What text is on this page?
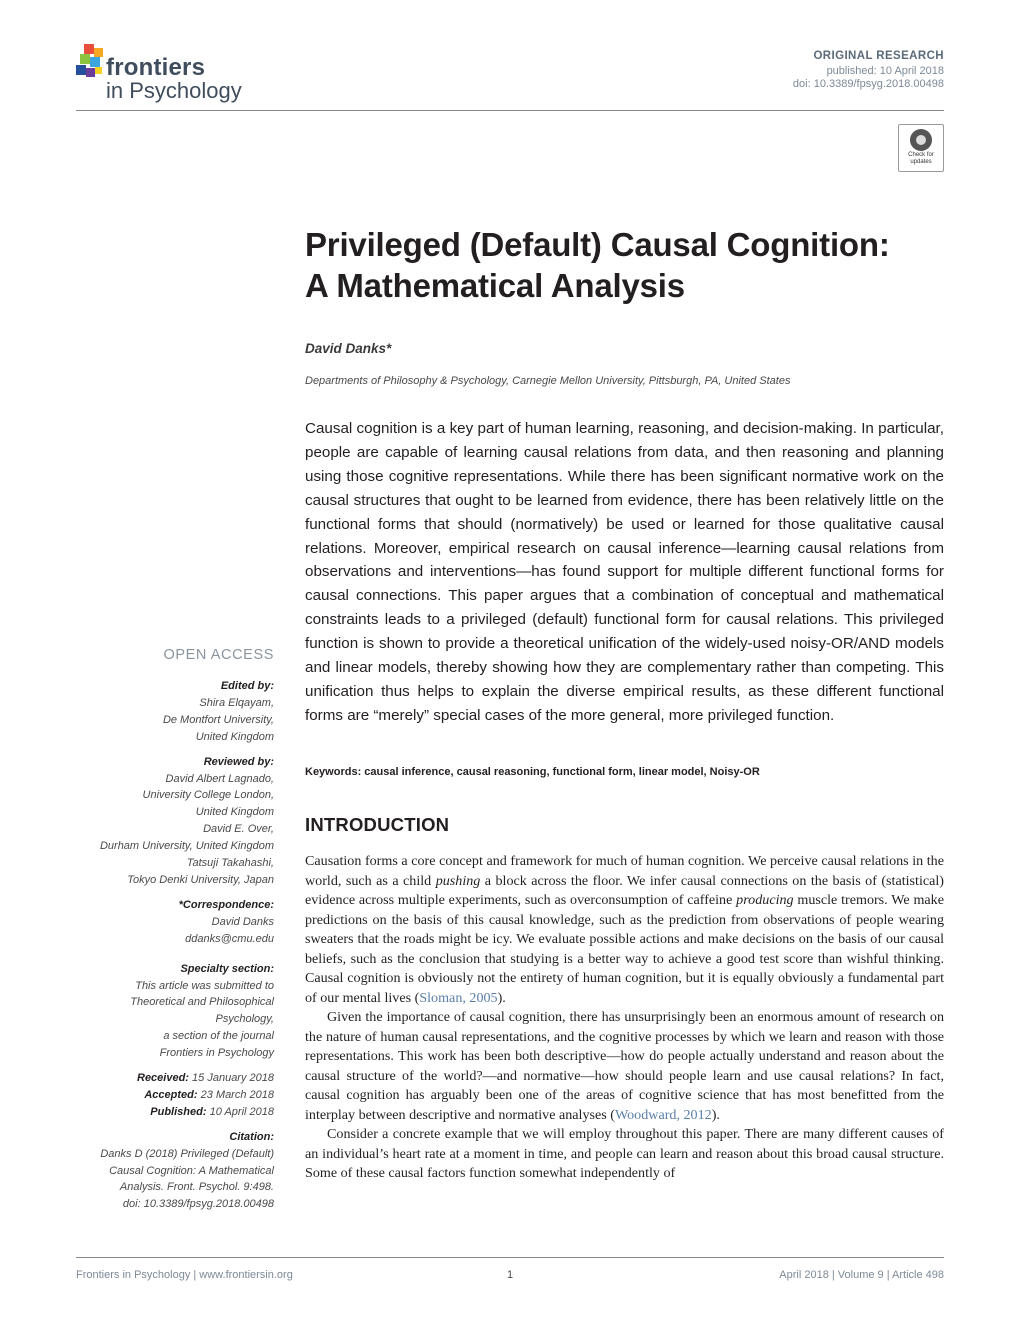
frontiers
in Psychology
ORIGINAL RESEARCH
published: 10 April 2018
doi: 10.3389/fpsyg.2018.00498
Check for
updates
Privileged (Default) Causal Cognition:
A Mathematical Analysis
David Danks*
Departments of Philosophy & Psychology, Carnegie Mellon University, Pittsburgh, PA, United States
Causal cognition is a key part of human learning, reasoning, and decision-making. In particular, people are capable of learning causal relations from data, and then reasoning and planning using those cognitive representations. While there has been significant normative work on the causal structures that ought to be learned from evidence, there has been relatively little on the functional forms that should (normatively) be used or learned for those qualitative causal relations. Moreover, empirical research on causal inference—learning causal relations from observations and interventions—has found support for multiple different functional forms for causal connections. This paper argues that a combination of conceptual and mathematical constraints leads to a privileged (default) functional form for causal relations. This privileged function is shown to provide a theoretical unification of the widely-used noisy-OR/AND models and linear models, thereby showing how they are complementary rather than competing. This unification thus helps to explain the diverse empirical results, as these different functional forms are “merely” special cases of the more general, more privileged function.
Keywords: causal inference, causal reasoning, functional form, linear model, Noisy-OR
OPEN ACCESS
Edited by:
Shira Elqayam,
De Montfort University,
United Kingdom
Reviewed by:
David Albert Lagnado,
University College London,
United Kingdom
David E. Over,
Durham University, United Kingdom
Tatsuji Takahashi,
Tokyo Denki University, Japan
*Correspondence:
David Danks
ddanks@cmu.edu
Specialty section:
This article was submitted to
Theoretical and Philosophical
Psychology,
a section of the journal
Frontiers in Psychology
Received: 15 January 2018
Accepted: 23 March 2018
Published: 10 April 2018
Citation:
Danks D (2018) Privileged (Default)
Causal Cognition: A Mathematical
Analysis. Front. Psychol. 9:498.
doi: 10.3389/fpsyg.2018.00498
INTRODUCTION

Causation forms a core concept and framework for much of human cognition. We perceive causal relations in the world, such as a child pushing a block across the floor. We infer causal connections on the basis of (statistical) evidence across multiple experiments, such as overconsumption of caffeine producing muscle tremors. We make predictions on the basis of this causal knowledge, such as the prediction from observations of people wearing sweaters that the roads might be icy. We evaluate possible actions and make decisions on the basis of our causal beliefs, such as the conclusion that studying is a better way to achieve a good test score than wishful thinking. Causal cognition is obviously not the entirety of human cognition, but it is equally obviously a fundamental part of our mental lives (Sloman, 2005).

Given the importance of causal cognition, there has unsurprisingly been an enormous amount of research on the nature of human causal representations, and the cognitive processes by which we learn and reason with those representations. This work has been both descriptive—how do people actually understand and reason about the causal structure of the world?—and normative—how should people learn and use causal relations? In fact, causal cognition has arguably been one of the areas of cognitive science that has most benefitted from the interplay between descriptive and normative analyses (Woodward, 2012).

Consider a concrete example that we will employ throughout this paper. There are many different causes of an individual’s heart rate at a moment in time, and people can learn and reason about this broad causal structure. Some of these causal factors function somewhat independently of

Frontiers in Psychology | www.frontiersin.org	1	April 2018 | Volume 9 | Article 498
